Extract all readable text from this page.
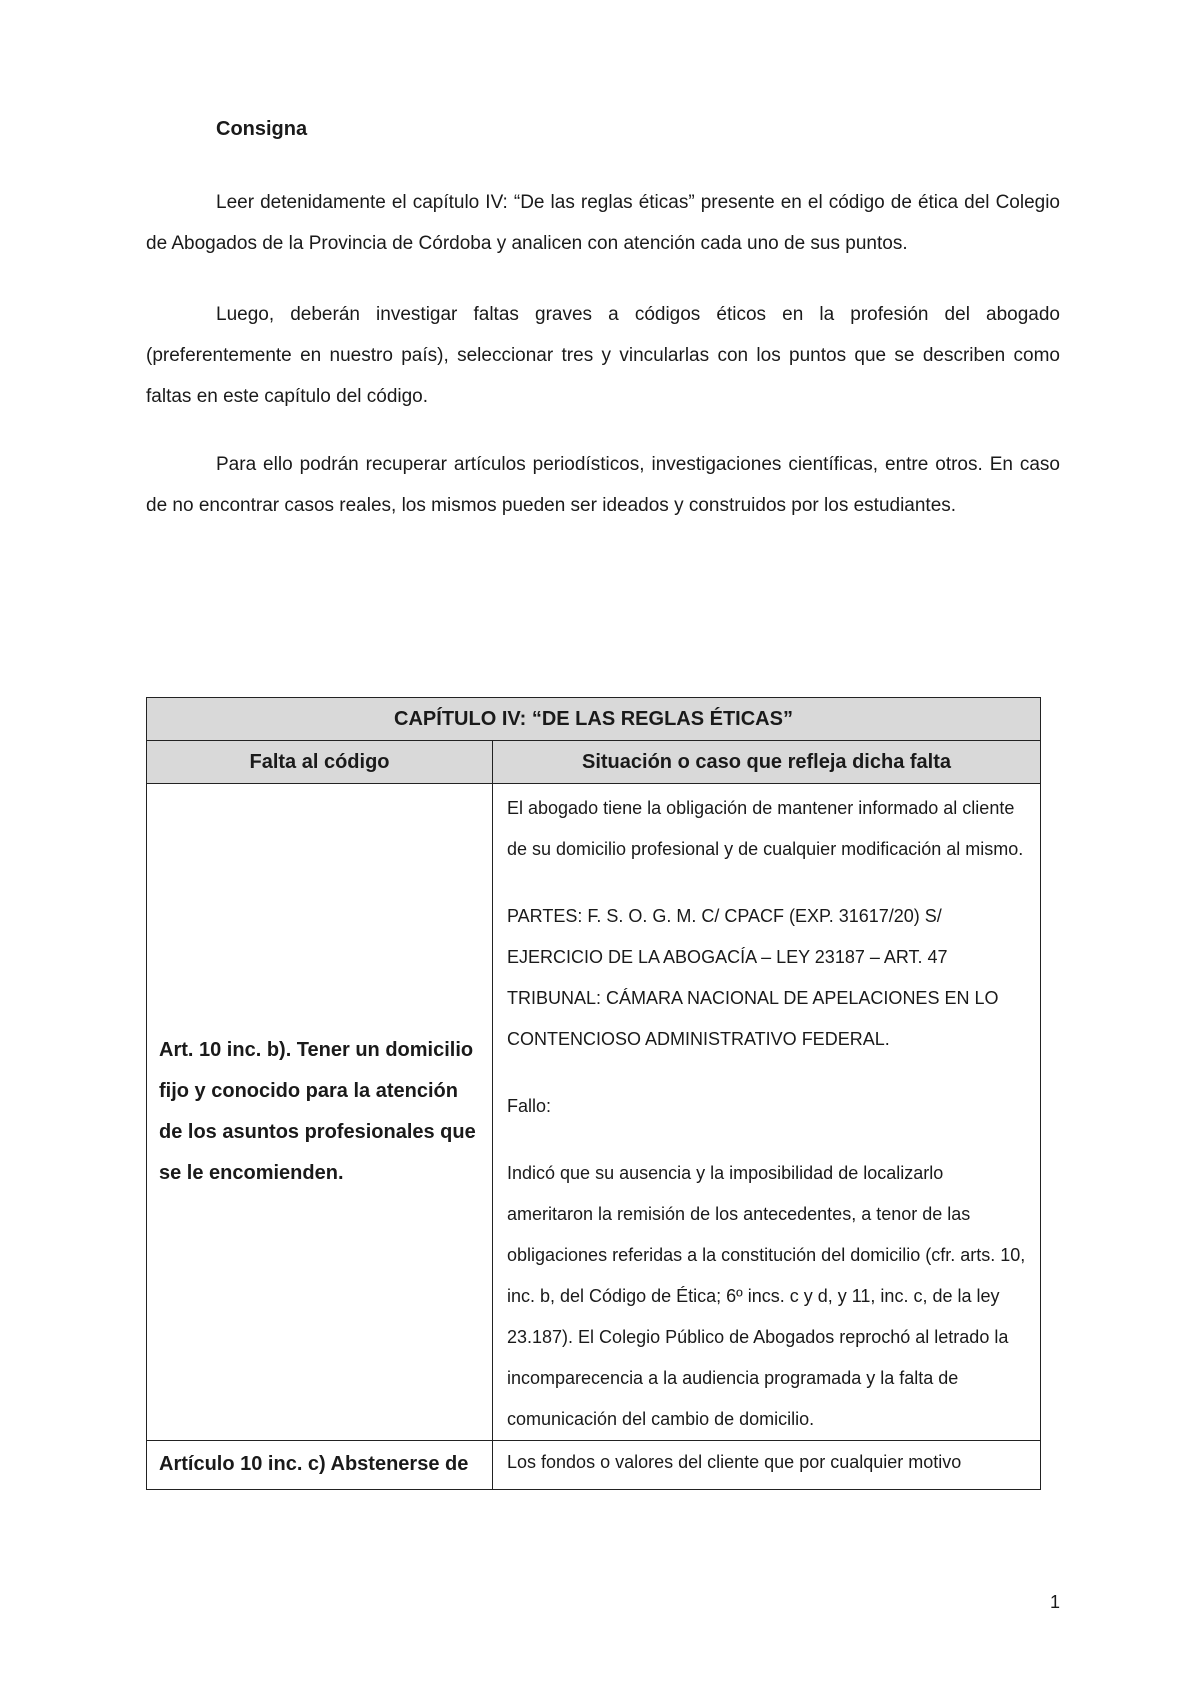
Consigna

Leer detenidamente el capítulo IV: “De las reglas éticas” presente en el código de ética del Colegio de Abogados de la Provincia de Córdoba y analicen con atención cada uno de sus puntos.

Luego, deberán investigar faltas graves a códigos éticos en la profesión del abogado (preferentemente en nuestro país), seleccionar tres y vincularlas con los puntos que se describen como faltas en este capítulo del código.

Para ello podrán recuperar artículos periodísticos, investigaciones científicas, entre otros. En caso de no encontrar casos reales, los mismos pueden ser ideados y construidos por los estudiantes.

CAPÍTULO IV: “DE LAS REGLAS ÉTICAS”	
Falta al código	Situación o caso que refleja dicha falta
Art. 10 inc. b). Tener un domicilio fijo y conocido para la atención de los asuntos profesionales que se le encomienden.	El abogado tiene la obligación de mantener informado al cliente de su domicilio profesional y de cualquier modificación al mismo.

PARTES: F. S. O. G. M. C/ CPACF (EXP. 31617/20) S/ EJERCICIO DE LA ABOGACÍA – LEY 23187 – ART. 47 TRIBUNAL: CÁMARA NACIONAL DE APELACIONES EN LO CONTENCIOSO ADMINISTRATIVO FEDERAL.

Fallo:

Indicó que su ausencia y la imposibilidad de localizarlo ameritaron la remisión de los antecedentes, a tenor de las obligaciones referidas a la constitución del domicilio (cfr. arts. 10, inc. b, del Código de Ética; 6º incs. c y d, y 11, inc. c, de la ley 23.187). El Colegio Público de Abogados reprochó al letrado la incomparecencia a la audiencia programada y la falta de comunicación del cambio de domicilio.

Artículo 10 inc. c) Abstenerse de	Los fondos o valores del cliente que por cualquier motivo
1
